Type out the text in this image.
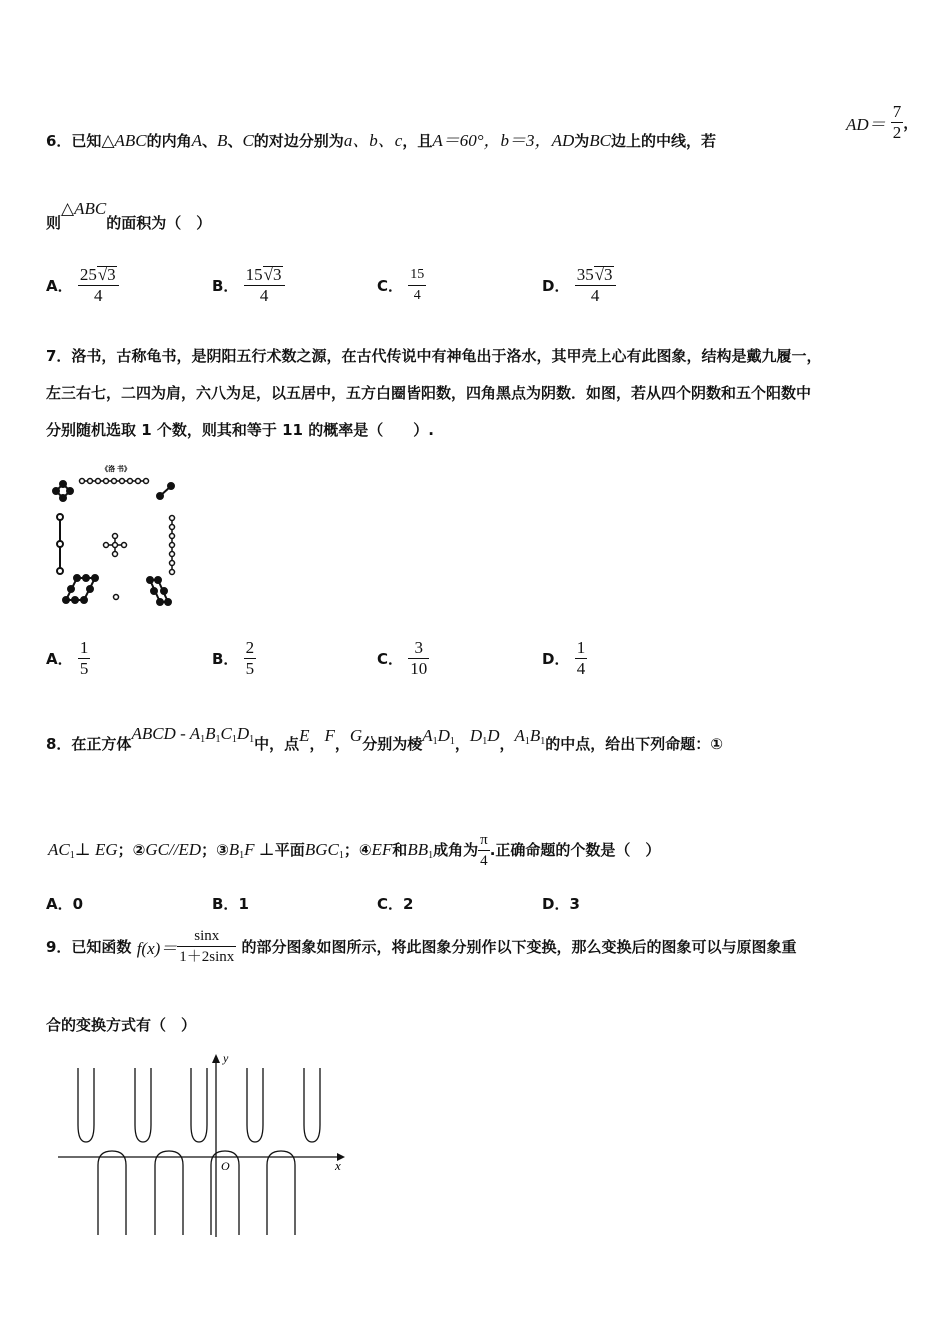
6．已知△ABC的内角A、B、C的对边分别为a、b、c，且A＝60°，b＝3，AD为BC边上的中线，若
$AD= \frac{7}{2}$ ，
则△ABC的面积为（　）
A． $\frac{25√3}{4}$	B． $\frac{15√3}{4}$	C． $\frac{15}{4}$	D． $\frac{35√3}{4}$
7．洛书，古称龟书，是阴阳五行术数之源，在古代传说中有神龟出于洛水，其甲壳上心有此图象，结构是戴九履一，
左三右七，二四为肩，六八为足，以五居中，五方白圈皆阳数，四角黑点为阴数．如图，若从四个阴数和五个阳数中
分别随机选取 1 个数，则其和等于 11 的概率是（　　）.
《洛 书》
A． $\frac{1}{5}$	B． $\frac{2}{5}$	C． $\frac{3}{10}$	D． $\frac{1}{4}$
8．在正方体ABCD - $A_1B_1C_1D_1$中，点E，F，G分别为棱$A_1D_1$，$D_1D$，$A_1B_1$的中点，给出下列命题：①
$AC_1\perp$ EG；②GC//ED；$③B_1F$ ⊥平面$BGC_1$；④EF和$BB_1$成角为 $\frac{\pi}{4}$ .正确命题的个数是（　）
A．0	B．1	C．2	D．3
9．已知函数 $f(x)= \frac{\sin x}{1+2\sin x}$ 的部分图象如图所示，将此图象分别作以下变换，那么变换后的图象可以与原图象重
合的变换方式有（　）
x
y
O
